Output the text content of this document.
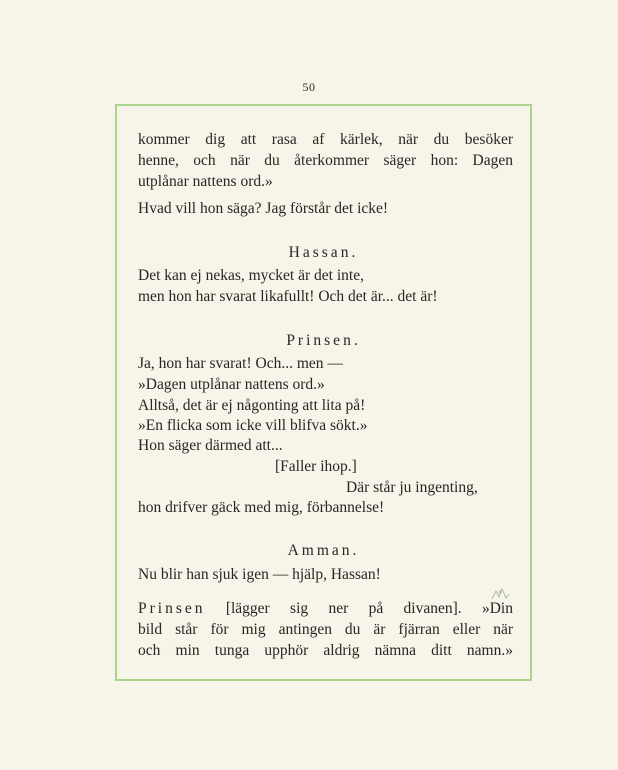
50
kommer dig att rasa af kärlek, när du besöker
henne, och när du återkommer säger hon: Dagen
utplånar nattens ord.»
Hvad vill hon säga? Jag förstår det icke!
Hassan.
Det kan ej nekas, mycket är det inte,
men hon har svarat likafullt! Och det är... det är!
Prinsen.
Ja, hon har svarat! Och... men —
»Dagen utplånar nattens ord.»
Alltså, det är ej någonting att lita på!
»En flicka som icke vill blifva sökt.»
Hon säger därmed att...
[Faller ihop.]
Där står ju ingenting,
hon drifver gäck med mig, förbannelse!
Amman.
Nu blir han sjuk igen — hjälp, Hassan!
Prinsen [lägger sig ner på divanen]. »Din
bild står för mig antingen du är fjärran eller när
och min tunga upphör aldrig nämna ditt namn.»
